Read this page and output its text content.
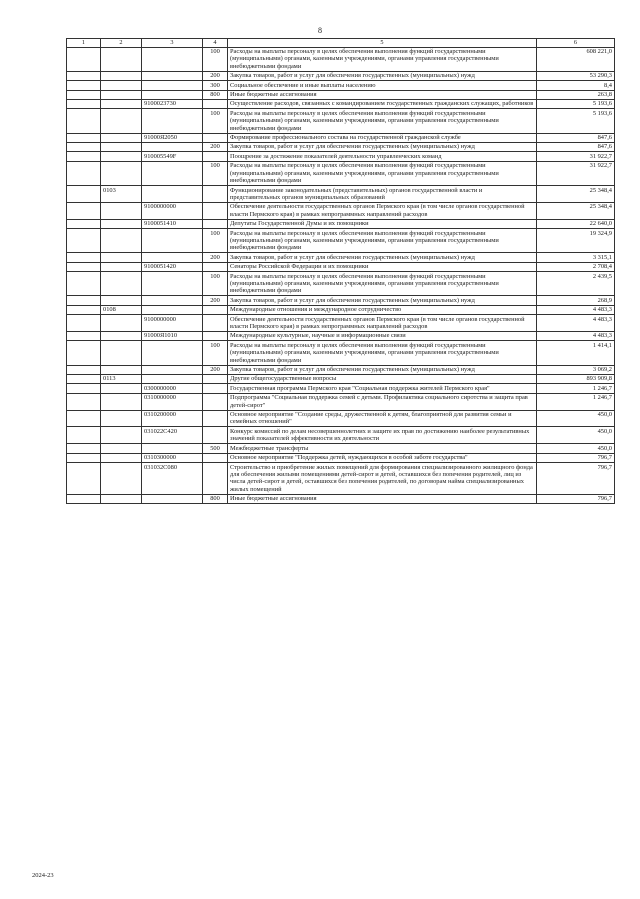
8
1	2	3	4	5	6
			100	Расходы на выплаты персоналу в целях обеспечения выполнения функций государственными (муниципальными) органами, казенными учреждениями, органами управления государственными внебюджетными фондами	608 221,0
			200	Закупка товаров, работ и услуг для обеспечения государственных (муниципальных) нужд	53 290,3
			300	Социальное обеспечение и иные выплаты населению	8,4
			800	Иные бюджетные ассигнования	263,8
		9100023730		Осуществление расходов, связанных с командированием государственных гражданских служащих, работников	5 193,6
			100	Расходы на выплаты персоналу в целях обеспечения выполнения функций государственными (муниципальными) органами, казенными учреждениями, органами управления государственными внебюджетными фондами	5 193,6
		91000Я2050		Формирование профессионального состава на государственной гражданской службе	847,6
			200	Закупка товаров, работ и услуг для обеспечения государственных (муниципальных) нужд	847,6
		910005549F		Поощрение за достижение показателей деятельности управленческих команд	31 922,7
			100	Расходы на выплаты персоналу в целях обеспечения выполнения функций государственными (муниципальными) органами, казенными учреждениями, органами управления государственными внебюджетными фондами	31 922,7
	0103			Функционирование законодательных (представительных) органов государственной власти и представительных органов муниципальных образований	25 348,4
		9100000000		Обеспечение деятельности государственных органов Пермского края (в том числе органов государственной власти Пермского края) в рамках непрограммных направлений расходов	25 348,4
		9100051410		Депутаты Государственной Думы и их помощники	22 640,0
			100	Расходы на выплаты персоналу в целях обеспечения выполнения функций государственными (муниципальными) органами, казенными учреждениями, органами управления государственными внебюджетными фондами	19 324,9
			200	Закупка товаров, работ и услуг для обеспечения государственных (муниципальных) нужд	3 315,1
		9100051420		Сенаторы Российской Федерации и их помощники	2 708,4
			100	Расходы на выплаты персоналу в целях обеспечения выполнения функций государственными (муниципальными) органами, казенными учреждениями, органами управления государственными внебюджетными фондами	2 439,5
			200	Закупка товаров, работ и услуг для обеспечения государственных (муниципальных) нужд	268,9
	0108			Международные отношения и международное сотрудничество	4 483,3
		9100000000		Обеспечение деятельности государственных органов Пермского края (в том числе органов государственной власти Пермского края) в рамках непрограммных направлений расходов	4 483,3
		91000Я1010		Международные культурные, научные и информационные связи	4 483,3
			100	Расходы на выплаты персоналу в целях обеспечения выполнения функций государственными (муниципальными) органами, казенными учреждениями, органами управления государственными внебюджетными фондами	1 414,1
			200	Закупка товаров, работ и услуг для обеспечения государственных (муниципальных) нужд	3 069,2
	0113			Другие общегосударственные вопросы	893 909,8
		0300000000		Государственная программа Пермского края "Социальная поддержка жителей Пермского края"	1 246,7
		0310000000		Подпрограмма "Социальная поддержка семей с детьми. Профилактика социального сиротства и защита прав детей-сирот"	1 246,7
		0310200000		Основное мероприятие "Создание среды, дружественной к детям, благоприятной для развития семьи и семейных отношений"	450,0
		031022С420		Конкурс комиссий по делам несовершеннолетних и защите их прав по достижению наиболее результативных значений показателей эффективности их деятельности	450,0
			500	Межбюджетные трансферты	450,0
		0310300000		Основное мероприятие "Поддержка детей, нуждающихся в особой заботе государства"	796,7
		031032С080		Строительство и приобретение жилых помещений для формирования специализированного жилищного фонда для обеспечения жилыми помещениями детей-сирот и детей, оставшихся без попечения родителей, лиц из числа детей-сирот и детей, оставшихся без попечения родителей, по договорам найма специализированных жилых помещений	796,7
			800	Иные бюджетные ассигнования	796,7
2024-23
